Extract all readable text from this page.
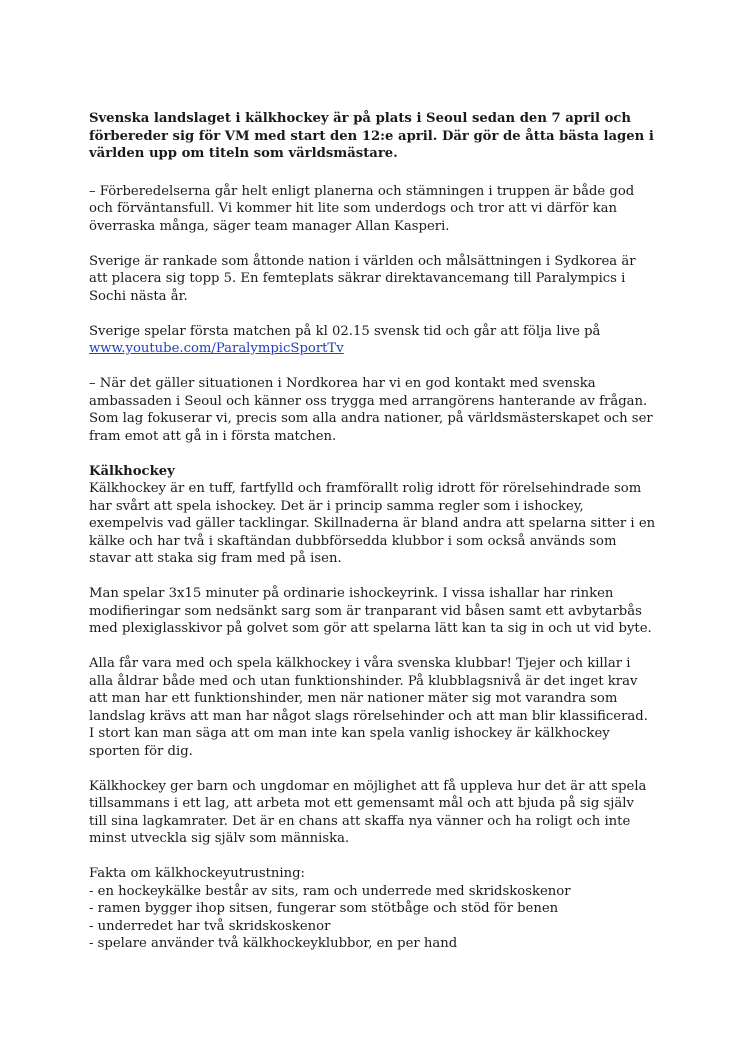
Svenska landslaget i kälkhockey är på plats i Seoul sedan den 7 april och förbereder sig för VM med start den 12:e april. Där gör de åtta bästa lagen i världen upp om titeln som världsmästare.

– Förberedelserna går helt enligt planerna och stämningen i truppen är både god och förväntansfull. Vi kommer hit lite som underdogs och tror att vi därför kan överraska många, säger team manager Allan Kasperi.

Sverige är rankade som åttonde nation i världen och målsättningen i Sydkorea är att placera sig topp 5. En femteplats säkrar direktavancemang till Paralympics i Sochi nästa år.

Sverige spelar första matchen på kl 02.15 svensk tid och går att följa live på
www.youtube.com/ParalympicSportTv

– När det gäller situationen i Nordkorea har vi en god kontakt med svenska ambassaden i Seoul och känner oss trygga med arrangörens hanterande av frågan. Som lag fokuserar vi, precis som alla andra nationer, på världsmästerskapet och ser fram emot att gå in i första matchen.

Kälkhockey

Kälkhockey är en tuff, fartfylld och framförallt rolig idrott för rörelsehindrade som har svårt att spela ishockey. Det är i princip samma regler som i ishockey, exempelvis vad gäller tacklingar. Skillnaderna är bland andra att spelarna sitter i en kälke och har två i skaftändan dubbförsedda klubbor i som också används som stavar att staka sig fram med på isen.

Man spelar 3x15 minuter på ordinarie ishockeyrink. I vissa ishallar har rinken modifieringar som nedsänkt sarg som är tranparant vid båsen samt ett avbytarbås med plexiglasskivor på golvet som gör att spelarna lätt kan ta sig in och ut vid byte.

Alla får vara med och spela kälkhockey i våra svenska klubbar! Tjejer och killar i alla åldrar både med och utan funktionshinder. På klubblagsnivå är det inget krav att man har ett funktionshinder, men när nationer mäter sig mot varandra som landslag krävs att man har något slags rörelsehinder och att man blir klassificerad. I stort kan man säga att om man inte kan spela vanlig ishockey är kälkhockey sporten för dig.

Kälkhockey ger barn och ungdomar en möjlighet att få uppleva hur det är att spela tillsammans i ett lag, att arbeta mot ett gemensamt mål och att bjuda på sig själv till sina lagkamrater. Det är en chans att skaffa nya vänner och ha roligt och inte minst utveckla sig själv som människa.

Fakta om kälkhockeyutrustning:

- en hockeykälke består av sits, ram och underrede med skridskoskenor
- ramen bygger ihop sitsen, fungerar som stötbåge och stöd för benen
- underredet har två skridskoskenor
- spelare använder två kälkhockeyklubbor, en per hand
